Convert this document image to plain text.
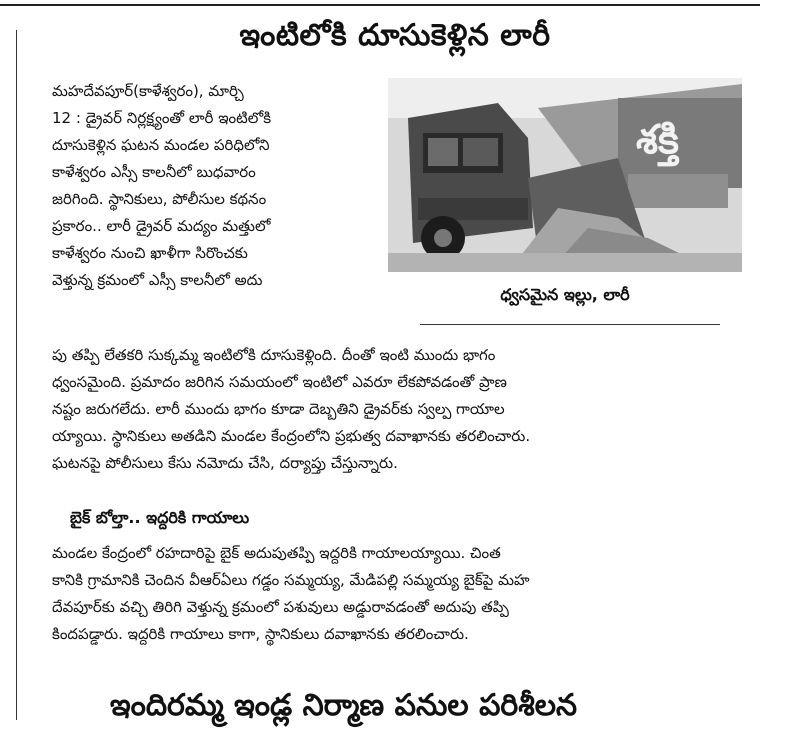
ఇంటిలోకి దూసుకెళ్లిన లారీ
మహదేవపూర్(కాళేశ్వరం), మార్చి
12 : డ్రైవర్ నిర్లక్ష్యంతో లారీ ఇంటిలోకి
దూసుకెళ్లిన ఘటన మండల పరిధిలోని
కాళేశ్వరం ఎస్సీ కాలనీలో బుధవారం
జరిగింది. స్థానికులు, పోలీసుల కథనం
ప్రకారం.. లారీ డ్రైవర్ మద్యం మత్తులో
కాళేశ్వరం నుంచి ఖాళీగా సిరొంచకు
వెళ్తున్న క్రమంలో ఎస్సీ కాలనీలో అదు
శక్తి
ధ్వసమైన ఇల్లు, లారీ
పు తప్పి లేతకరి సుక్కమ్మ ఇంటిలోకి దూసుకెళ్లింది. దీంతో ఇంటి ముందు భాగం
ధ్వంసమైంది. ప్రమాదం జరిగిన సమయంలో ఇంటిలో ఎవరూ లేకపోవడంతో ప్రాణ
నష్టం జరుగలేదు. లారీ ముందు భాగం కూడా దెబ్బతిని డ్రైవర్‌కు స్వల్ప గాయాల
య్యాయి. స్థానికులు అతడిని మండల కేంద్రంలోని ప్రభుత్వ దవాఖానకు తరలించారు.
ఘటనపై పోలీసులు కేసు నమోదు చేసి, దర్యాప్తు చేస్తున్నారు.
బైక్ బోల్తా.. ఇద్దరికి గాయాలు
మండల కేంద్రంలో రహదారిపై బైక్ అదుపుతప్పి ఇద్దరికి గాయాలయ్యాయి. చింత
కానికి గ్రామానికి చెందిన వీఆర్ఏలు గడ్డం సమ్మయ్య, మేడిపల్లి సమ్మయ్య బైక్‌పై మహ
దేవపూర్‌కు వచ్చి తిరిగి వెళ్తున్న క్రమంలో పశువులు అడ్డురావడంతో అదుపు తప్పి
కిందపడ్డారు. ఇద్దరికి గాయాలు కాగా, స్థానికులు దవాఖానకు తరలించారు.
ఇందిరమ్మ ఇండ్ల నిర్మాణ పనుల పరిశీలన
